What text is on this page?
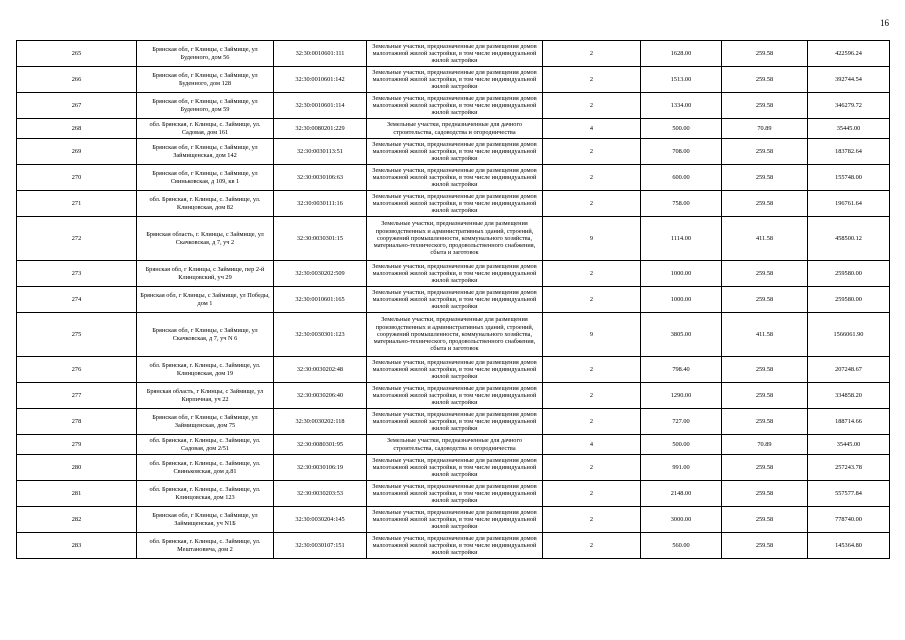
16
265	Брянская обл, г Клинцы, с Займище, ул Буденного, дом 56	32:30:0010601:111	Земельные участки, предназначенные для размещения домов малоэтажной жилой застройки, в том числе индивидуальной жилой застройки	2	1628.00	259.58	422596.24
266	Брянская обл, г Клинцы, с Займище, ул Буденного, дом 128	32:30:0010601:142	Земельные участки, предназначенные для размещения домов малоэтажной жилой застройки, в том числе индивидуальной жилой застройки	2	1513.00	259.58	392744.54
267	Брянская обл, г Клинцы, с Займище, ул Буденного, дом 59	32:30:0010601:114	Земельные участки, предназначенные для размещения домов малоэтажной жилой застройки, в том числе индивидуальной жилой застройки	2	1334.00	259.58	346279.72
268	обл. Брянская, г. Клинцы, с. Займище, ул. Садовая, дом 161	32:30:0080201:229	Земельные участки, предназначенные для дачного строительства, садоводства и огородничества	4	500.00	70.89	35445.00
269	Брянская обл, г Клинцы, с Займище, ул Займищенская, дом 142	32:30:0030113:51	Земельные участки, предназначенные для размещения домов малоэтажной жилой застройки, в том числе индивидуальной жилой застройки	2	708.00	259.58	183782.64
270	Брянская обл, г Клинцы, с Займище, ул Свиньковская, д 109, кв 1	32:30:0030106:63	Земельные участки, предназначенные для размещения домов малоэтажной жилой застройки, в том числе индивидуальной жилой застройки	2	600.00	259.58	155748.00
271	обл. Брянская, г. Клинцы, с. Займище, ул. Клинцовская, дом 82	32:30:0030111:16	Земельные участки, предназначенные для размещения домов малоэтажной жилой застройки, в том числе индивидуальной жилой застройки	2	758.00	259.58	196761.64
272	Брянская область, г. Клинцы, с Займище, ул Скачковская, д 7, уч 2	32:30:0030301:15	Земельные участки, предназначенные для размещения производственных и административных зданий, строений, сооружений промышленности, коммунального хозяйства, материально-технического, продовольственного снабжения, сбыта и заготовок	9	1114.00	411.58	458500.12
273	Брянская обл, г Клинцы, с Займище, пер 2-й Клинцовский, уч 29	32:30:0030202:509	Земельные участки, предназначенные для размещения домов малоэтажной жилой застройки, в том числе индивидуальной жилой застройки	2	1000.00	259.58	259580.00
274	Брянская обл, г Клинцы, с Займище, ул Победы, дом 1	32:30:0010601:165	Земельные участки, предназначенные для размещения домов малоэтажной жилой застройки, в том числе индивидуальной жилой застройки	2	1000.00	259.58	259580.00
275	Брянская обл, г Клинцы, с Займище, ул Скачковская, д 7, уч N 6	32:30:0030301:123	Земельные участки, предназначенные для размещения производственных и административных зданий, строений, сооружений промышленности, коммунального хозяйства, материально-технического, продовольственного снабжения, сбыта и заготовок	9	3805.00	411.58	1566061.90
276	обл. Брянская, г. Клинцы, с. Займище, ул. Клинцовская, дом 19	32:30:0030202:48	Земельные участки, предназначенные для размещения домов малоэтажной жилой застройки, в том числе индивидуальной жилой застройки	2	798.40	259.58	207248.67
277	Брянская область, г Клинцы, с Займище, ул Кирпичная, уч 22	32:30:0030206:40	Земельные участки, предназначенные для размещения домов малоэтажной жилой застройки, в том числе индивидуальной жилой застройки	2	1290.00	259.58	334858.20
278	Брянская обл, г Клинцы, с Займище, ул Займищенская, дом 75	32:30:0030202:118	Земельные участки, предназначенные для размещения домов малоэтажной жилой застройки, в том числе индивидуальной жилой застройки	2	727.00	259.58	188714.66
279	обл. Брянская, г. Клинцы, с. Займище, ул. Садовая, дом 2/51	32:30:0080301:95	Земельные участки, предназначенные для дачного строительства, садоводства и огородничества	4	500.00	70.89	35445.00
280	обл. Брянская, г. Клинцы, с. Займище, ул. Свиньковская, дом д.81	32:30:0030106:19	Земельные участки, предназначенные для размещения домов малоэтажной жилой застройки, в том числе индивидуальной жилой застройки	2	991.00	259.58	257243.78
281	обл. Брянская, г. Клинцы, с. Займище, ул. Клинцовская, дом 123	32:30:0030203:53	Земельные участки, предназначенные для размещения домов малоэтажной жилой застройки, в том числе индивидуальной жилой застройки	2	2148.00	259.58	557577.84
282	Брянская обл, г Клинцы, с Займище, ул Займищенская, уч N1Б	32:30:0030204:145	Земельные участки, предназначенные для размещения домов малоэтажной жилой застройки, в том числе индивидуальной жилой застройки	2	3000.00	259.58	778740.00
283	обл. Брянская, г. Клинцы, с. Займище, ул. Мештановича, дом 2	32:30:0030107:151	Земельные участки, предназначенные для размещения домов малоэтажной жилой застройки, в том числе индивидуальной жилой застройки	2	560.00	259.58	145364.80
